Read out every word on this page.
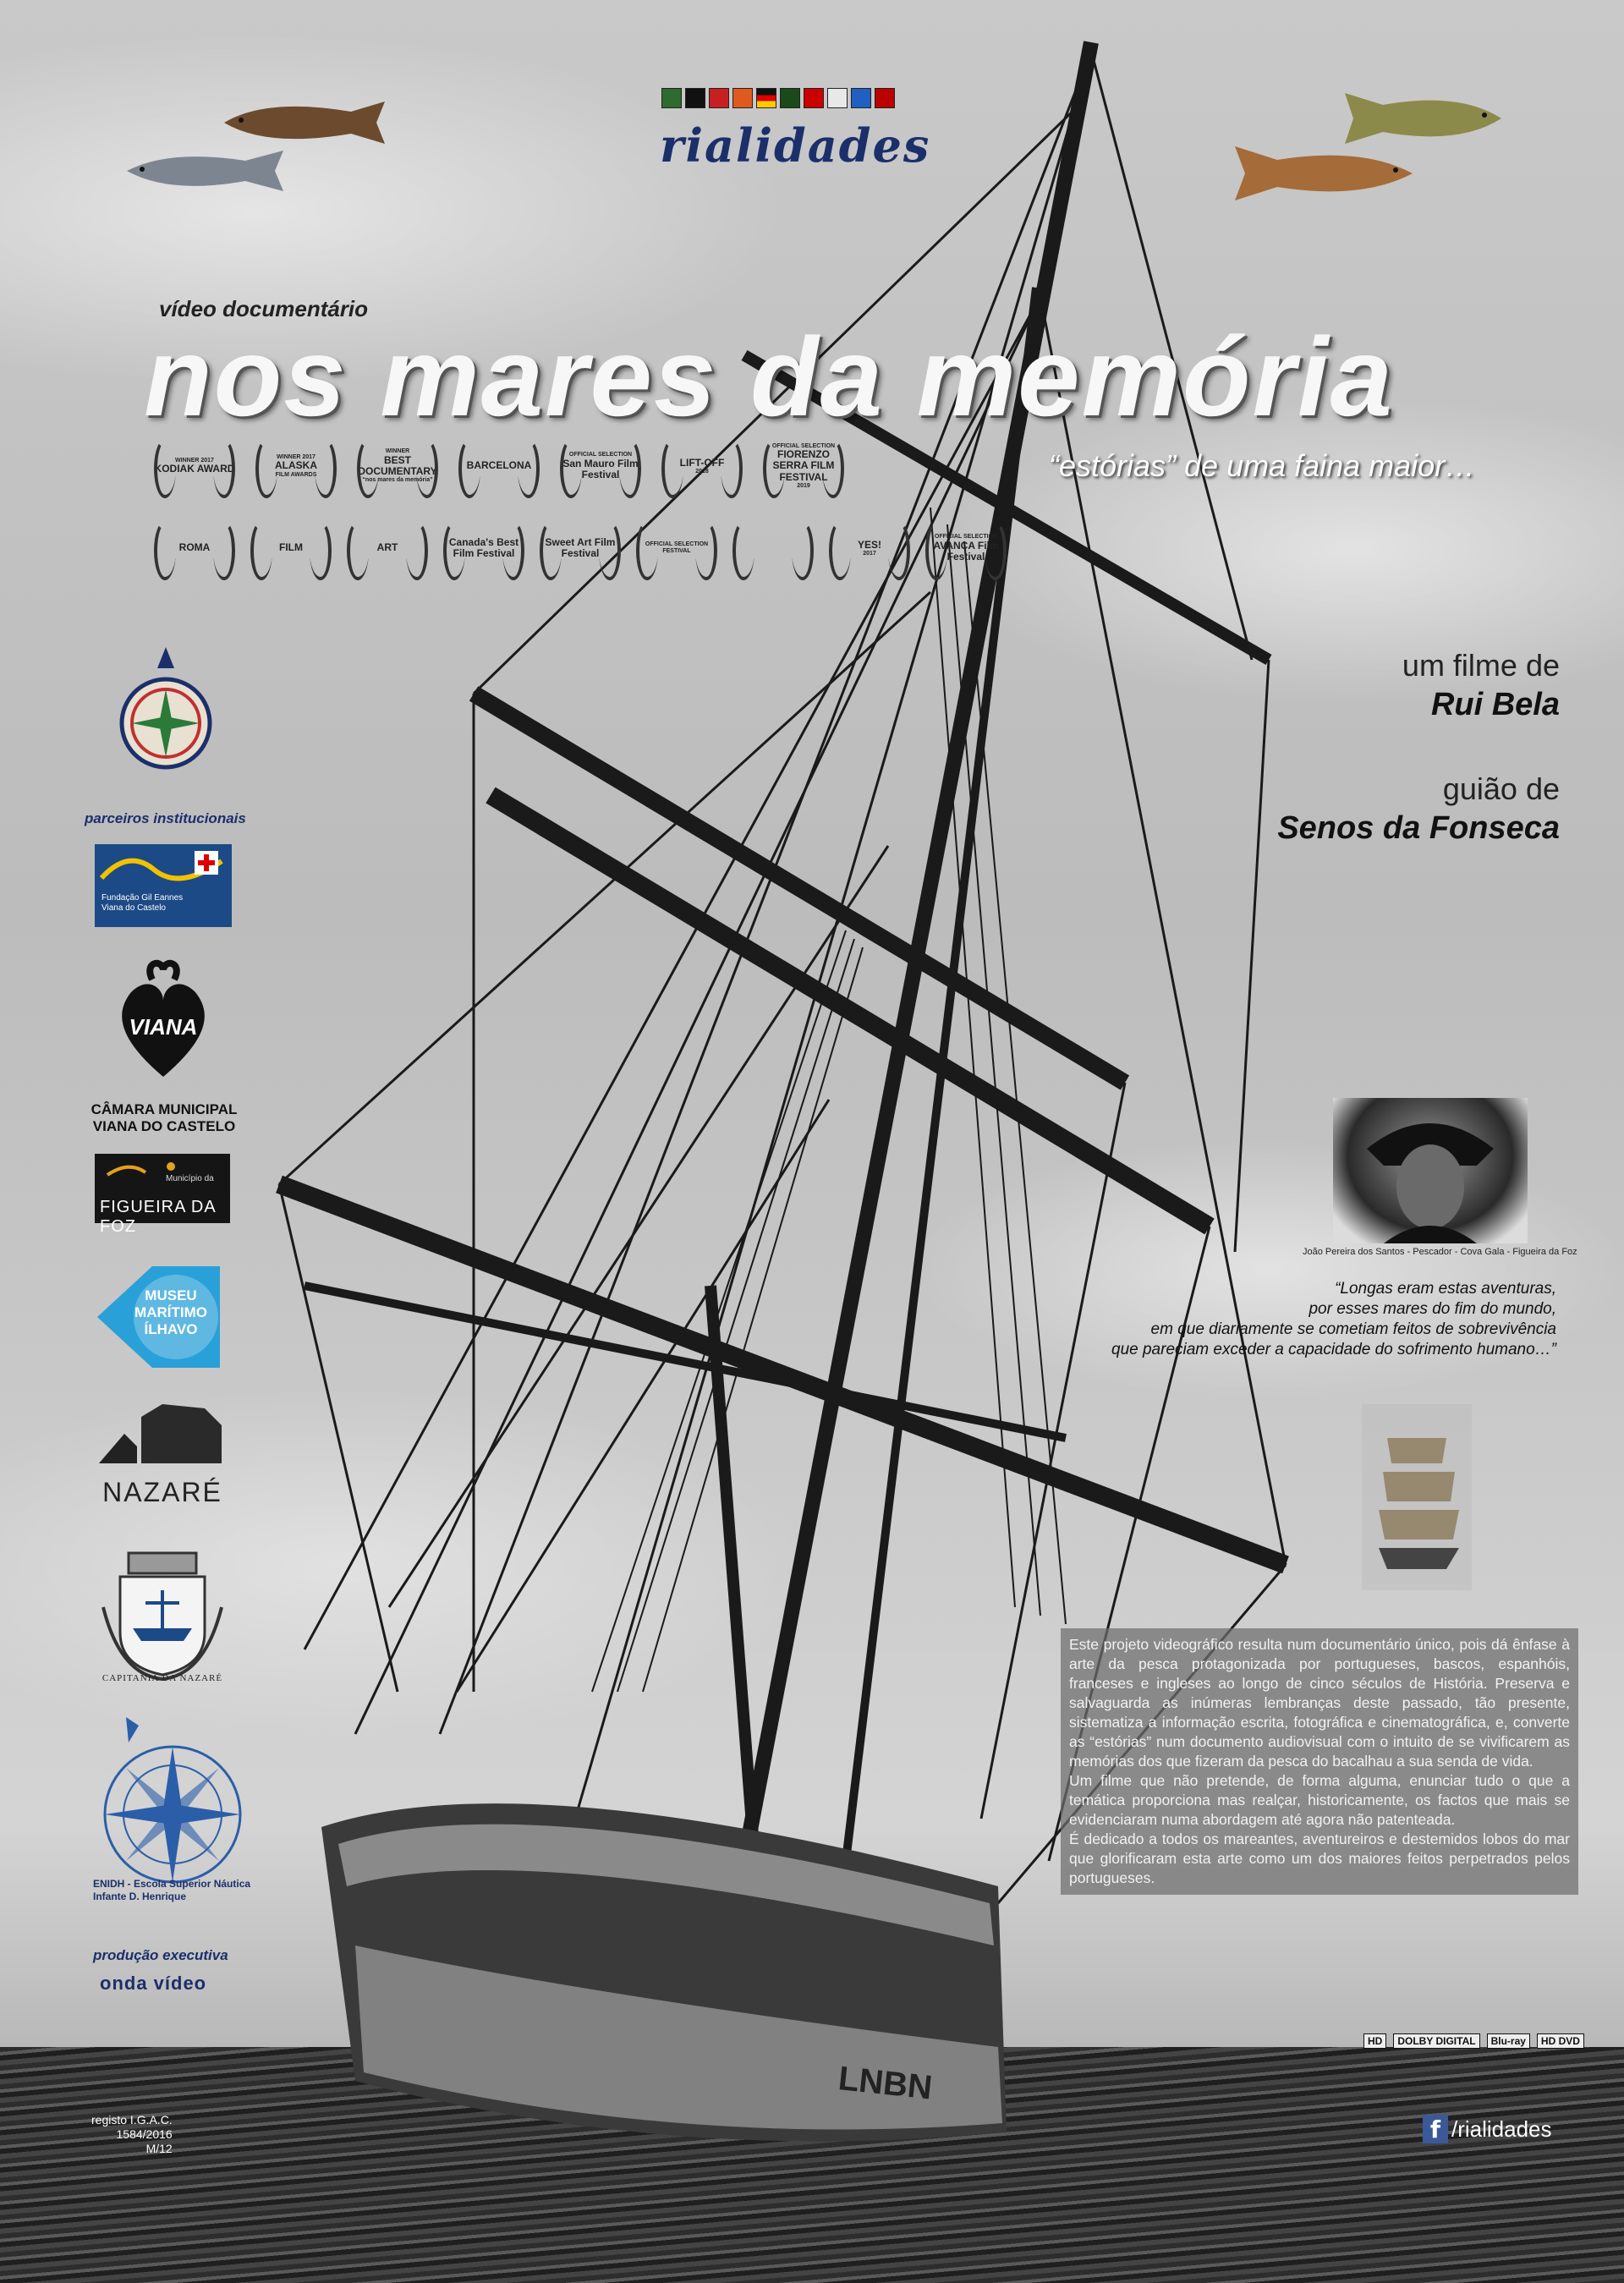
LNBN
rialidades
vídeo documentário
nos mares da memória
“estórias” de uma faina maior…
WINNER 2017
KODIAK AWARD
WINNER 2017
ALASKA
FILM AWARDS
WINNER
BEST DOCUMENTARY
“nos mares da memória”
BARCELONA
OFFICIAL SELECTION
San Mauro Film Festival
LIFT-OFF
2018
OFFICIAL SELECTION
FIORENZO SERRA FILM FESTIVAL
2019
ROMA	FILM	ART	Canada's Best Film Festival
Sweet Art Film Festival
OFFICIAL SELECTION
FESTIVAL
YES!
2017
OFFICIAL SELECTION
AVANCA Film Festival
um filme de
Rui Bela
guião de
Senos da Fonseca
parceiros institucionais
Fundação Gil Eannes Viana do Castelo
VIANA
CÂMARA MUNICIPAL VIANA DO CASTELO
Município da
FIGUEIRA DA FOZ
MUSEU MARÍTIMO ÍLHAVO
NAZARÉ
CAPITANIA DA NAZARÉ
ENIDH - Escola Superior Náutica Infante D. Henrique
produção executiva
onda vídeo
João Pereira dos Santos - Pescador - Cova Gala - Figueira da Foz
“Longas eram estas aventuras,
por esses mares do fim do mundo,
em que diariamente se cometiam feitos de sobrevivência
que pareciam exceder a capacidade do sofrimento humano…”

Este projeto videográfico resulta num documentário único, pois dá ênfase à arte da pesca protagonizada por portugueses, bascos, espanhóis, franceses e ingleses ao longo de cinco séculos de História. Preserva e salvaguarda as inúmeras lembranças deste passado, tão presente, sistematiza a informação escrita, fotográfica e cinematográfica, e, converte as “estórias” num documento audiovisual com o intuito de se vivificarem as memórias dos que fizeram da pesca do bacalhau a sua senda de vida.

Um filme que não pretende, de forma alguma, enunciar tudo o que a temática proporciona mas realçar, historicamente, os factos que mais se evidenciaram numa abordagem até agora não patenteada.

É dedicado a todos os mareantes, aventureiros e destemidos lobos do mar que glorificaram esta arte como um dos maiores feitos perpetrados pelos portugueses.

HD	DOLBY DIGITAL	Blu-ray	HD DVD
registo I.G.A.C.
1584/2016
M/12
f /rialidades
